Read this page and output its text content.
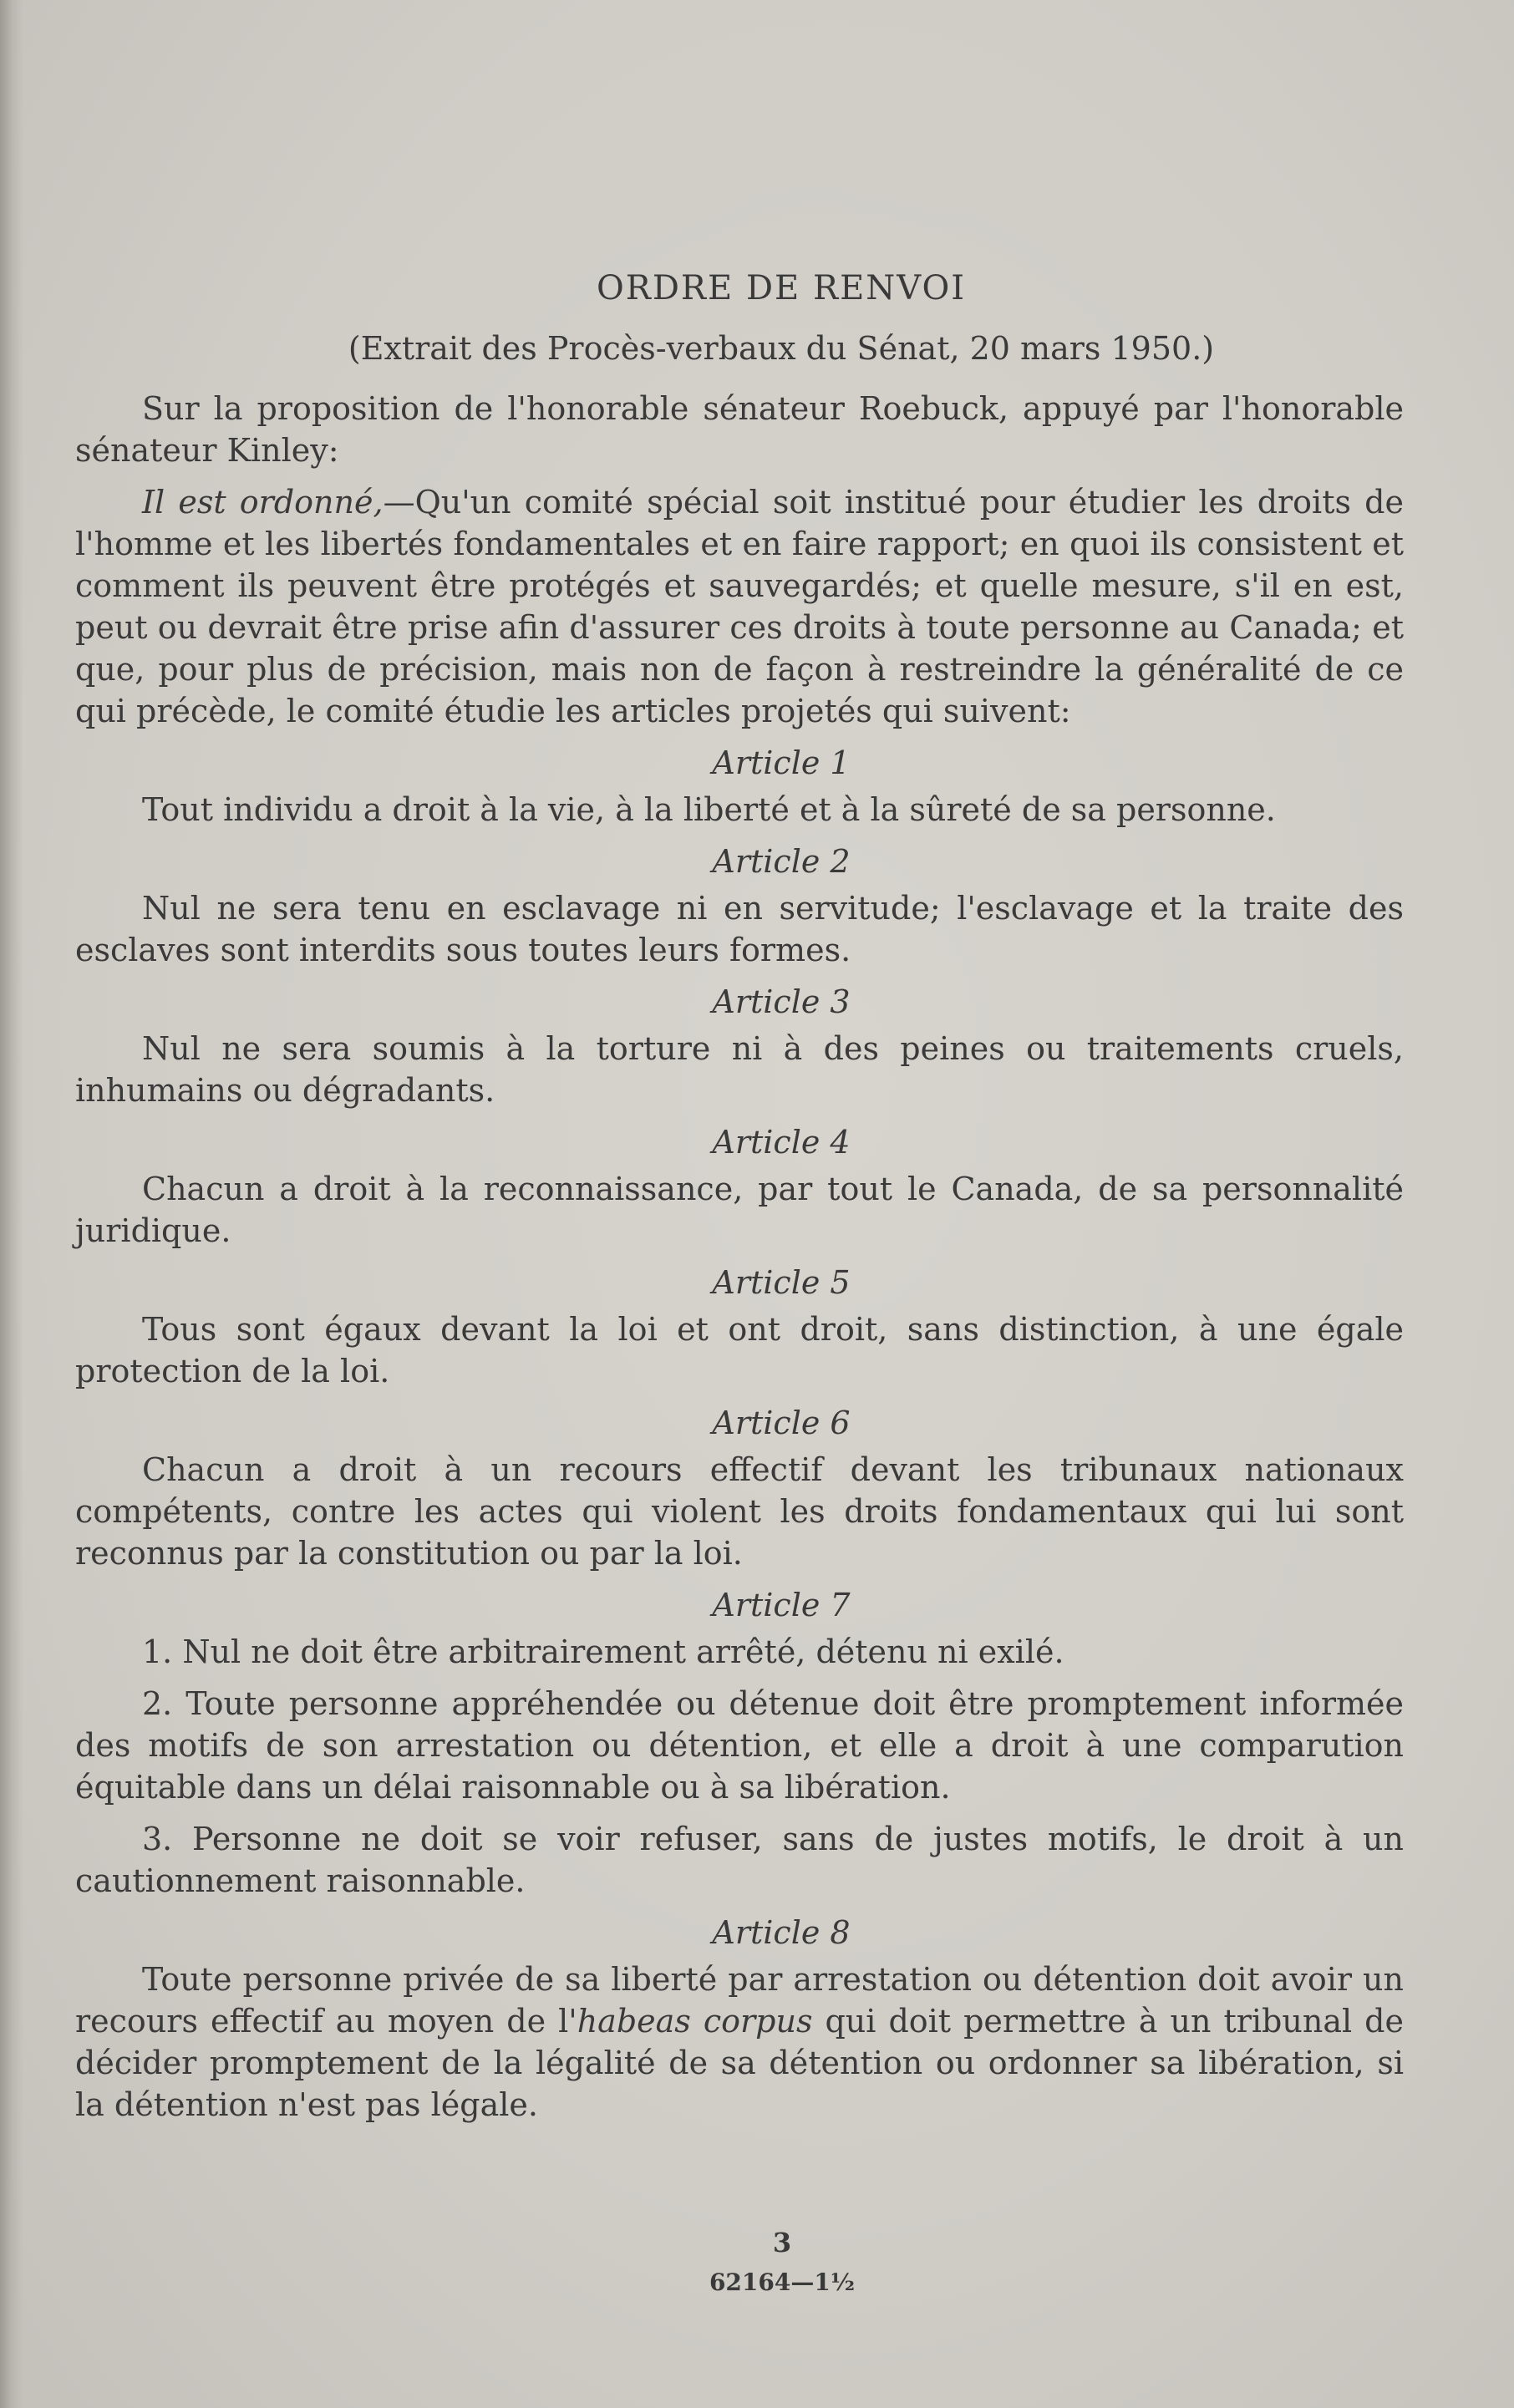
ORDRE DE RENVOI
(Extrait des Procès-verbaux du Sénat, 20 mars 1950.)

Sur la proposition de l'honorable sénateur Roebuck, appuyé par l'honorable sénateur Kinley:

Il est ordonné,—Qu'un comité spécial soit institué pour étudier les droits de l'homme et les libertés fondamentales et en faire rapport; en quoi ils consistent et comment ils peuvent être protégés et sauvegardés; et quelle mesure, s'il en est, peut ou devrait être prise afin d'assurer ces droits à toute personne au Canada; et que, pour plus de précision, mais non de façon à restreindre la généralité de ce qui précède, le comité étudie les articles projetés qui suivent:

Article 1

Tout individu a droit à la vie, à la liberté et à la sûreté de sa personne.

Article 2

Nul ne sera tenu en esclavage ni en servitude; l'esclavage et la traite des esclaves sont interdits sous toutes leurs formes.

Article 3

Nul ne sera soumis à la torture ni à des peines ou traitements cruels, inhumains ou dégradants.

Article 4

Chacun a droit à la reconnaissance, par tout le Canada, de sa personnalité juridique.

Article 5

Tous sont égaux devant la loi et ont droit, sans distinction, à une égale protection de la loi.

Article 6

Chacun a droit à un recours effectif devant les tribunaux nationaux compétents, contre les actes qui violent les droits fondamentaux qui lui sont reconnus par la constitution ou par la loi.

Article 7

1. Nul ne doit être arbitrairement arrêté, détenu ni exilé.

2. Toute personne appréhendée ou détenue doit être promptement informée des motifs de son arrestation ou détention, et elle a droit à une comparution équitable dans un délai raisonnable ou à sa libération.

3. Personne ne doit se voir refuser, sans de justes motifs, le droit à un cautionnement raisonnable.

Article 8

Toute personne privée de sa liberté par arrestation ou détention doit avoir un recours effectif au moyen de l'habeas corpus qui doit permettre à un tribunal de décider promptement de la légalité de sa détention ou ordonner sa libération, si la détention n'est pas légale.

3
62164—1½
